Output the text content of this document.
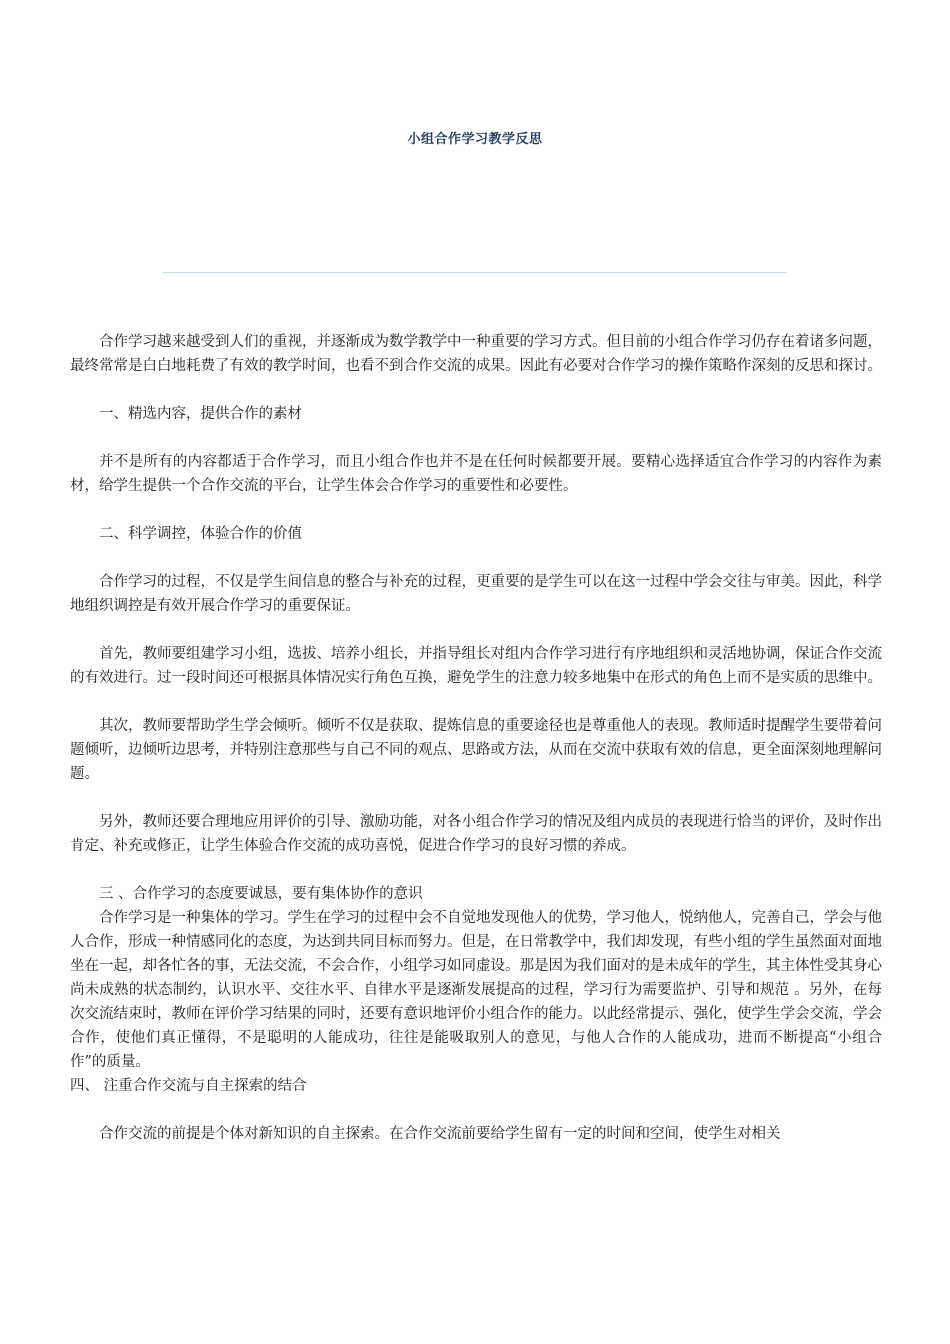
小组合作学习教学反思

合作学习越来越受到人们的重视，并逐渐成为数学教学中一种重要的学习方式。但目前的小组合作学习仍存在着诸多问题，最终常常是白白地耗费了有效的教学时间，也看不到合作交流的成果。因此有必要对合作学习的操作策略作深刻的反思和探讨。

一、精选内容，提供合作的素材

并不是所有的内容都适于合作学习，而且小组合作也并不是在任何时候都要开展。要精心选择适宜合作学习的内容作为素材，给学生提供一个合作交流的平台，让学生体会合作学习的重要性和必要性。

二、科学调控，体验合作的价值

合作学习的过程，不仅是学生间信息的整合与补充的过程，更重要的是学生可以在这一过程中学会交往与审美。因此，科学地组织调控是有效开展合作学习的重要保证。

首先，教师要组建学习小组，选拔、培养小组长，并指导组长对组内合作学习进行有序地组织和灵活地协调，保证合作交流的有效进行。过一段时间还可根据具体情况实行角色互换，避免学生的注意力较多地集中在形式的角色上而不是实质的思维中。

其次，教师要帮助学生学会倾听。倾听不仅是获取、提炼信息的重要途径也是尊重他人的表现。教师适时提醒学生要带着问题倾听，边倾听边思考，并特别注意那些与自己不同的观点、思路或方法，从而在交流中获取有效的信息，更全面深刻地理解问题。

另外，教师还要合理地应用评价的引导、激励功能，对各小组合作学习的情况及组内成员的表现进行恰当的评价，及时作出肯定、补充或修正，让学生体验合作交流的成功喜悦，促进合作学习的良好习惯的养成。

三 、合作学习的态度要诚恳，要有集体协作的意识

合作学习是一种集体的学习。学生在学习的过程中会不自觉地发现他人的优势，学习他人，悦纳他人，完善自己，学会与他人合作，形成一种情感同化的态度，为达到共同目标而努力。但是，在日常教学中，我们却发现，有些小组的学生虽然面对面地坐在一起，却各忙各的事，无法交流，不会合作，小组学习如同虚设。那是因为我们面对的是未成年的学生，其主体性受其身心尚未成熟的状态制约，认识水平、交往水平、自律水平是逐渐发展提高的过程，学习行为需要监护、引导和规范 。另外，在每次交流结束时，教师在评价学习结果的同时，还要有意识地评价小组合作的能力。以此经常提示、强化，使学生学会交流，学会合作，使他们真正懂得，不是聪明的人能成功，往往是能吸取别人的意见，与他人合作的人能成功，进而不断提高“小组合作”的质量。

四、 注重合作交流与自主探索的结合

合作交流的前提是个体对新知识的自主探索。在合作交流前要给学生留有一定的时间和空间，使学生对相关
